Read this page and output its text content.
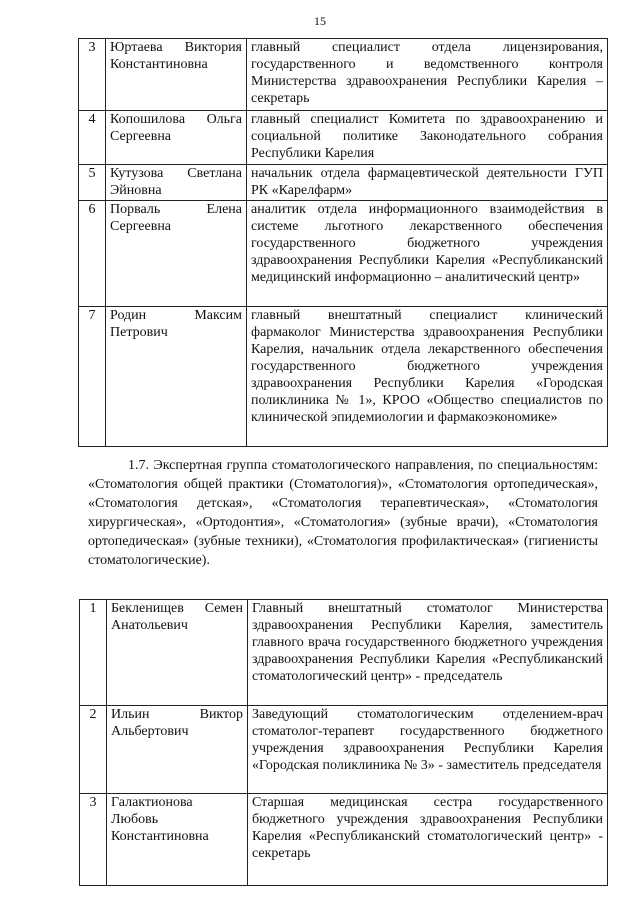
15
3	Юртаева Виктория Константиновна	главный специалист отдела лицензирования, государственного и ведомственного контроля Министерства здравоохранения Республики Карелия – секретарь
4	Копошилова Ольга Сергеевна	главный специалист Комитета по здравоохранению и социальной политике Законодательного собрания Республики Карелия
5	Кутузова Светлана Эйновна	начальник отдела фармацевтической деятельности ГУП РК «Карелфарм»
6	Порваль Елена Сергеевна	аналитик отдела информационного взаимодействия в системе льготного лекарственного обеспечения государственного бюджетного учреждения здравоохранения Республики Карелия «Республиканский медицинский информационно – аналитический центр»
7	Родин Максим Петрович	главный внештатный специалист клинический фармаколог Министерства здравоохранения Республики Карелия, начальник отдела лекарственного обеспечения государственного бюджетного учреждения здравоохранения Республики Карелия «Городская поликлиника № 1», КРОО «Общество специалистов по клинической эпидемиологии и фармакоэкономике»

1.7. Экспертная группа стоматологического направления, по специальностям: «Стоматология общей практики (Стоматология)», «Стоматология ортопедическая», «Стоматология детская», «Стоматология терапевтическая», «Стоматология хирургическая», «Ортодонтия», «Стоматология» (зубные врачи), «Стоматология ортопедическая» (зубные техники), «Стоматология профилактическая» (гигиенисты стоматологические).

1	Бекленищев Семен Анатольевич	Главный внештатный стоматолог Министерства здравоохранения Республики Карелия, заместитель главного врача государственного бюджетного учреждения здравоохранения Республики Карелия «Республиканский стоматологический центр» - председатель
2	Ильин Виктор Альбертович	Заведующий стоматологическим отделением-врач стоматолог-терапевт государственного бюджетного учреждения здравоохранения Республики Карелия «Городская поликлиника № 3» - заместитель председателя
3	Галактионова Любовь Константиновна	Старшая медицинская сестра государственного бюджетного учреждения здравоохранения Республики Карелия «Республиканский стоматологический центр» - секретарь
